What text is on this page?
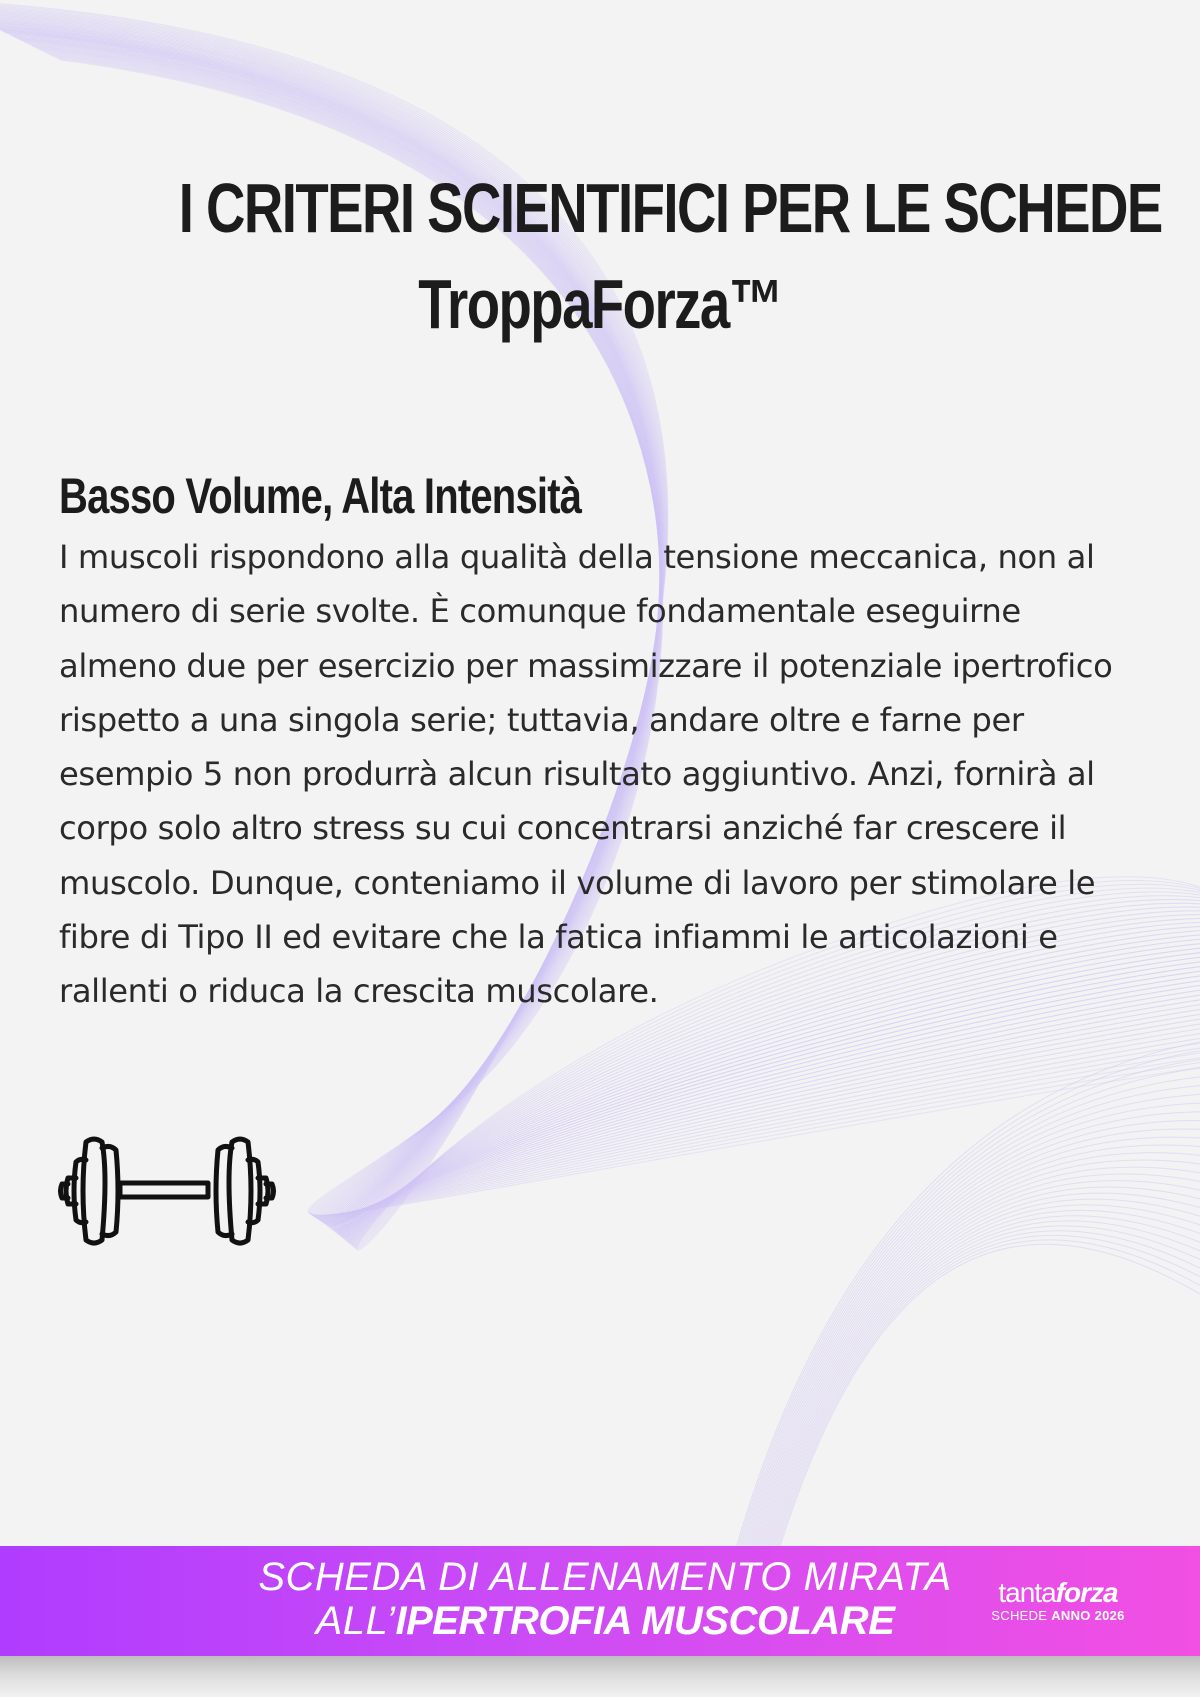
I CRITERI SCIENTIFICI PER LE SCHEDE
TroppaForza™
Basso Volume, Alta Intensità

I muscoli rispondono alla qualità della tensione meccanica, non al numero di serie svolte. È comunque fondamentale eseguirne almeno due per esercizio per massimizzare il potenziale ipertrofico rispetto a una singola serie; tuttavia, andare oltre e farne per esempio 5 non produrrà alcun risultato aggiuntivo. Anzi, fornirà al corpo solo altro stress su cui concentrarsi anziché far crescere il muscolo. Dunque, conteniamo il volume di lavoro per stimolare le fibre di Tipo II ed evitare che la fatica infiammi le articolazioni e rallenti o riduca la crescita muscolare.

SCHEDA DI ALLENAMENTO MIRATA
ALL’IPERTROFIA MUSCOLARE
tantaforza
SCHEDE ANNO 2026
